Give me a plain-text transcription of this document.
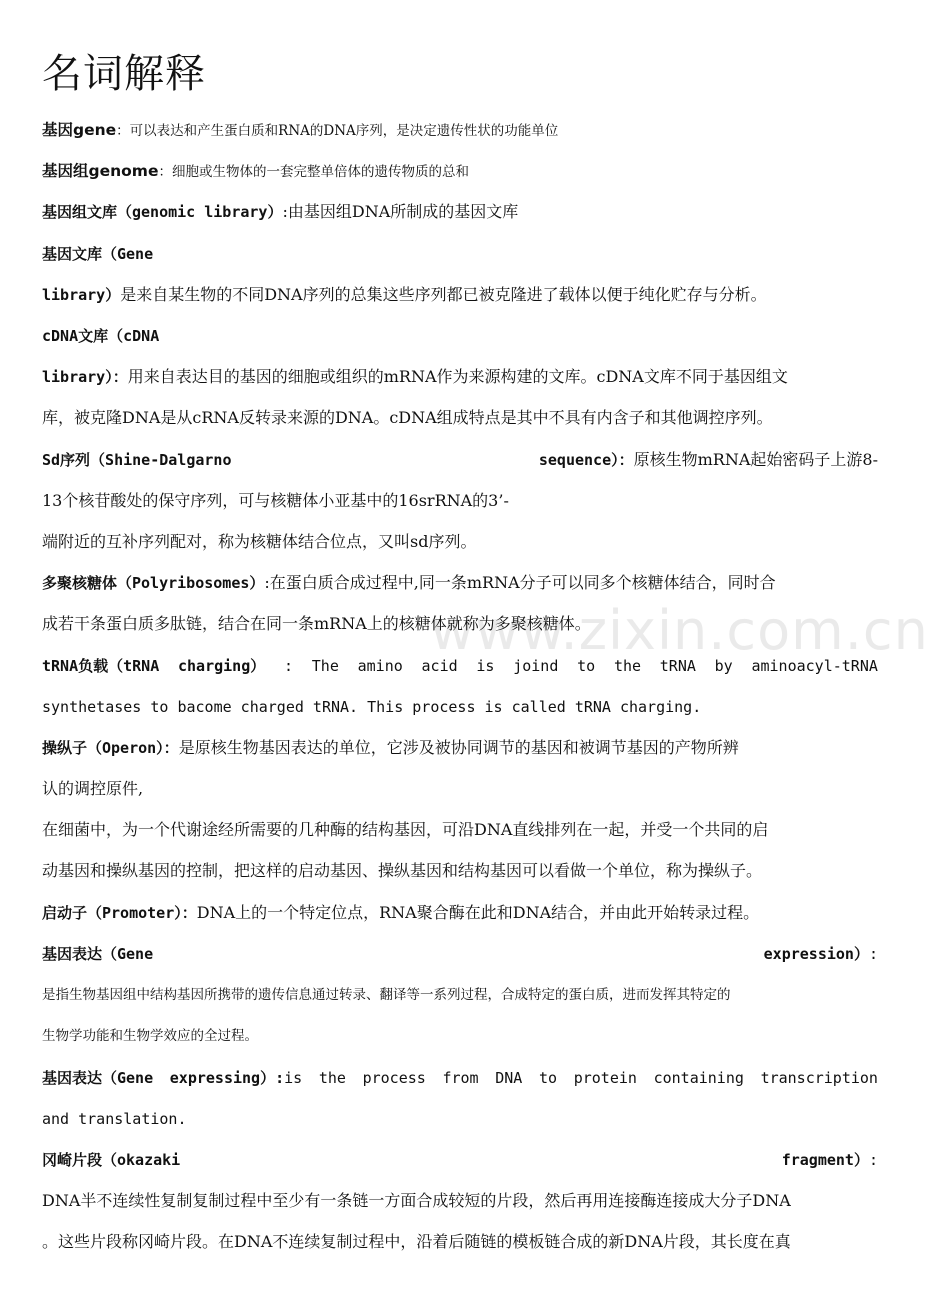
www.zixin.com.cn
名词解释
基因gene：可以表达和产生蛋白质和RNA的DNA序列，是决定遗传性状的功能单位
基因组genome：细胞或生物体的一套完整单倍体的遗传物质的总和
基因组文库（genomic library）:由基因组DNA所制成的基因文库
基因文库（Gene
library）是来自某生物的不同DNA序列的总集这些序列都已被克隆进了载体以便于纯化贮存与分析。
cDNA文库（cDNA
library）：用来自表达目的基因的细胞或组织的mRNA作为来源构建的文库。cDNA文库不同于基因组文
库，被克隆DNA是从cRNA反转录来源的DNA。cDNA组成特点是其中不具有内含子和其他调控序列。
Sd序列（Shine-Dalgarno	sequence）：原核生物mRNA起始密码子上游8-
13个核苷酸处的保守序列，可与核糖体小亚基中的16srRNA的3’-
端附近的互补序列配对，称为核糖体结合位点，又叫sd序列。
多聚核糖体（Polyribosomes）:在蛋白质合成过程中,同一条mRNA分子可以同多个核糖体结合，同时合
成若干条蛋白质多肽链，结合在同一条mRNA上的核糖体就称为多聚核糖体。
tRNA负载（tRNA charging） : The amino acid is joind to the tRNA by aminoacyl-tRNA
synthetases to bacome charged tRNA. This process is called tRNA charging.
操纵子（Operon）：是原核生物基因表达的单位，它涉及被协同调节的基因和被调节基因的产物所辨
认的调控原件,
在细菌中，为一个代谢途经所需要的几种酶的结构基因，可沿DNA直线排列在一起，并受一个共同的启
动基因和操纵基因的控制，把这样的启动基因、操纵基因和结构基因可以看做一个单位，称为操纵子。
启动子（Promoter）：DNA上的一个特定位点，RNA聚合酶在此和DNA结合，并由此开始转录过程。
基因表达（Gene	expression）:
是指生物基因组中结构基因所携带的遗传信息通过转录、翻译等一系列过程，合成特定的蛋白质，进而发挥其特定的
生物学功能和生物学效应的全过程。
基因表达（Gene expressing）:is the process from DNA to protein containing transcription
and translation.
冈崎片段（okazaki	fragment）:
DNA半不连续性复制复制过程中至少有一条链一方面合成较短的片段，然后再用连接酶连接成大分子DNA
。这些片段称冈崎片段。在DNA不连续复制过程中，沿着后随链的模板链合成的新DNA片段，其长度在真
